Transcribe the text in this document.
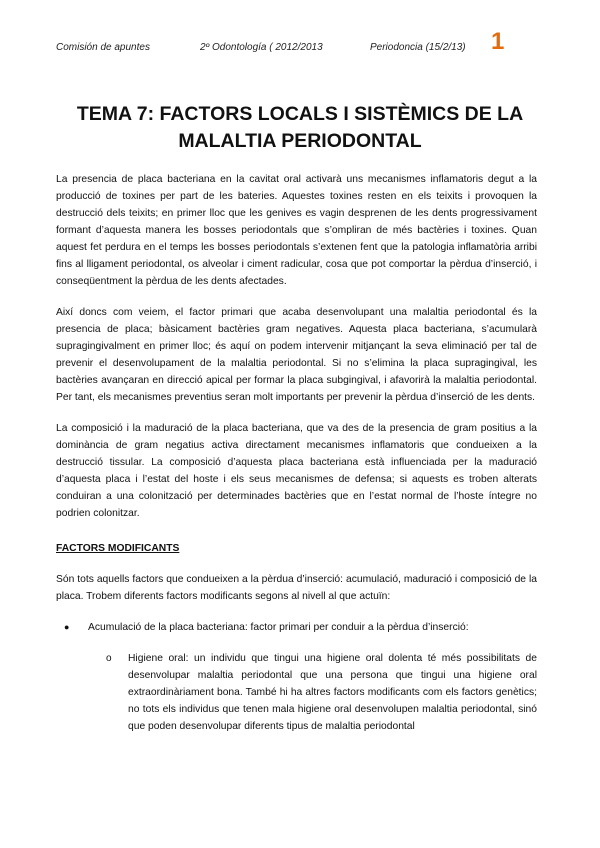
Comisión de apuntes	2º Odontología ( 2012/2013	Periodoncia (15/2/13) 1
TEMA 7: FACTORS LOCALS I SISTÈMICS DE LA MALALTIA PERIODONTAL

La presencia de placa bacteriana en la cavitat oral activarà uns mecanismes inflamatoris degut a la producció de toxines per part de les bateries. Aquestes toxines resten en els teixits i provoquen la destrucció dels teixits; en primer lloc que les genives es vagin desprenen de les dents progressivament formant d’aquesta manera les bosses periodontals que s’ompliran de més bactèries i toxines. Quan aquest fet perdura en el temps les bosses periodontals s’extenen fent que la patologia inflamatòria arribi fins al lligament periodontal, os alveolar i ciment radicular, cosa que pot comportar la pèrdua d’inserció, i conseqüentment la pèrdua de les dents afectades.

Així doncs com veiem, el factor primari que acaba desenvolupant una malaltia periodontal és la presencia de placa; bàsicament bactèries gram negatives. Aquesta placa bacteriana, s’acumularà supragingivalment en primer lloc; és aquí on podem intervenir mitjançant la seva eliminació per tal de prevenir el desenvolupament de la malaltia periodontal. Si no s’elimina la placa supragingival, les bactèries avançaran en direcció apical per formar la placa subgingival, i afavorirà la malaltia periodontal. Per tant, els mecanismes preventius seran molt importants per prevenir la pèrdua d’inserció de les dents.

La composició i la maduració de la placa bacteriana, que va des de la presencia de gram positius a la dominància de gram negatius activa directament mecanismes inflamatoris que condueixen a la destrucció tissular. La composició d’aquesta placa bacteriana està influenciada per la maduració d’aquesta placa i l’estat del hoste i els seus mecanismes de defensa; si aquests es troben alterats conduiran a una colonització per determinades bactèries que en l’estat normal de l’hoste íntegre no podrien colonitzar.

FACTORS MODIFICANTS

Són tots aquells factors que condueixen a la pèrdua d’inserció: acumulació, maduració i composició de la placa. Trobem diferents factors modificants segons al nivell al que actuïn:

● Acumulació de la placa bacteriana: factor primari per conduir a la pèrdua d’inserció:
o Higiene oral: un individu que tingui una higiene oral dolenta té més possibilitats de desenvolupar malaltia periodontal que una persona que tingui una higiene oral extraordinàriament bona. També hi ha altres factors modificants com els factors genètics; no tots els individus que tenen mala higiene oral desenvolupen malaltia periodontal, sinó que poden desenvolupar diferents tipus de malaltia periodontal
